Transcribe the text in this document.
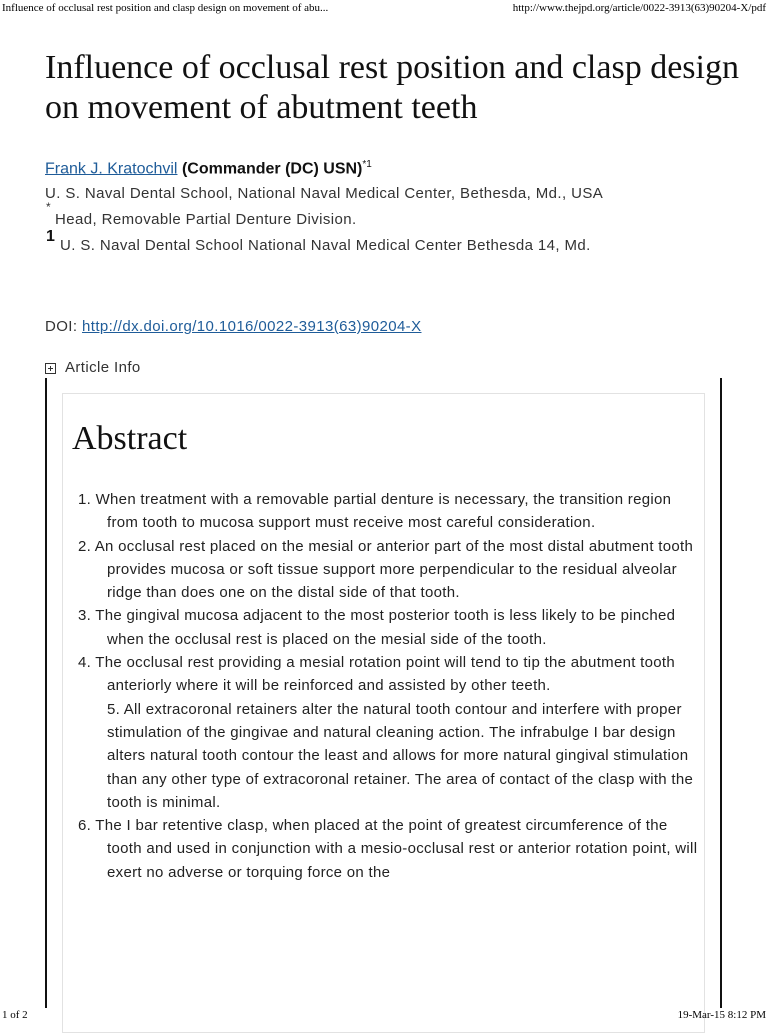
Influence of occlusal rest position and clasp design on movement of abu...	http://www.thejpd.org/article/0022-3913(63)90204-X/pdf
Influence of occlusal rest position and clasp design on movement of abutment teeth
Frank J. Kratochvil (Commander (DC) USN)$^{*1}$
U. S. Naval Dental School, National Naval Medical Center, Bethesda, Md., USA
*
Head, Removable Partial Denture Division.
1
U. S. Naval Dental School National Naval Medical Center Bethesda 14, Md.
DOI: http://dx.doi.org/10.1016/0022-3913(63)90204-X
Article Info
Abstract
1. When treatment with a removable partial denture is necessary, the transition region from tooth to mucosa support must receive most careful consideration.
2. An occlusal rest placed on the mesial or anterior part of the most distal abutment tooth provides mucosa or soft tissue support more perpendicular to the residual alveolar ridge than does one on the distal side of that tooth.
3. The gingival mucosa adjacent to the most posterior tooth is less likely to be pinched when the occlusal rest is placed on the mesial side of the tooth.
4. The occlusal rest providing a mesial rotation point will tend to tip the abutment tooth anteriorly where it will be reinforced and assisted by other teeth.
5. All extracoronal retainers alter the natural tooth contour and interfere with proper stimulation of the gingivae and natural cleaning action. The infrabulge I bar design alters natural tooth contour the least and allows for more natural gingival stimulation than any other type of extracoronal retainer. The area of contact of the clasp with the tooth is minimal.
6. The I bar retentive clasp, when placed at the point of greatest circumference of the tooth and used in conjunction with a mesio-occlusal rest or anterior rotation point, will exert no adverse or torquing force on the
1 of 2	19-Mar-15 8:12 PM
